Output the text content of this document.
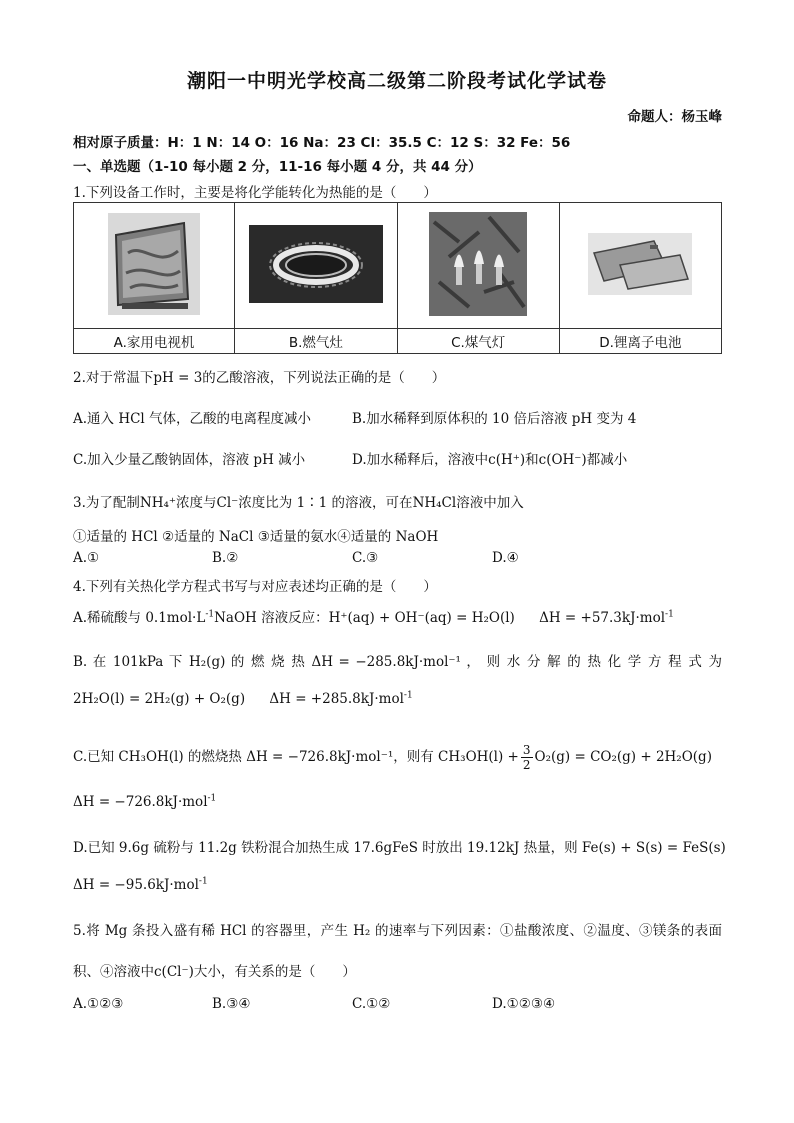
潮阳一中明光学校高二级第二阶段考试化学试卷
命题人：杨玉峰
相对原子质量：H：1 N：14 O：16 Na：23 Cl：35.5 C：12 S：32 Fe：56
一、单选题（1-10 每小题 2 分，11-16 每小题 4 分，共 44 分）
1.下列设备工作时，主要是将化学能转化为热能的是（　　）

A.家用电视机	B.燃气灶	C.煤气灯	D.锂离子电池
2.对于常温下pH = 3的乙酸溶液，下列说法正确的是（　　）
A.通入 HCl 气体，乙酸的电离程度减小	B.加水稀释到原体积的 10 倍后溶液 pH 变为 4
C.加入少量乙酸钠固体，溶液 pH 减小	D.加水稀释后，溶液中c(H⁺)和c(OH⁻)都减小
3.为了配制NH₄⁺浓度与Cl⁻浓度比为 1∶1 的溶液，可在NH₄Cl溶液中加入
①适量的 HCl ②适量的 NaCl ③适量的氨水④适量的 NaOH
A.①	B.②	C.③	D.④
4.下列有关热化学方程式书写与对应表述均正确的是（　　）
A.稀硫酸与 $0.1mol\cdot L^{-1}NaOH$ 溶液反应：H⁺(aq) + OH⁻(aq) = H₂O(l) ΔH = +57.3kJ·mol$^{-1}$
B. 在 101kPa 下 H₂(g) 的 燃 烧 热 ΔH = −285.8kJ·mol⁻¹ ， 则 水 分 解 的 热 化 学 方 程 式 为
2H₂O(l) = 2H₂(g) + O₂(g) ΔH = +285.8kJ·mol$^{-1}$
C.已知 CH₃OH(l) 的燃烧热 ΔH = −726.8kJ·mol⁻¹，则有 $CH_3OH(l) + \frac{3}{2} O_2(g) = CO_2(g) + 2H_2O(g)$
ΔH = −726.8kJ·mol$^{-1}$
D.已知 9.6g 硫粉与 11.2g 铁粉混合加热生成 17.6gFeS 时放出 19.12kJ 热量，则 Fe(s) + S(s) = FeS(s)
ΔH = −95.6kJ·mol$^{-1}$
5.将 Mg 条投入盛有稀 HCl 的容器里，产生 H₂ 的速率与下列因素：①盐酸浓度、②温度、③镁条的表面
积、④溶液中c(Cl⁻)大小，有关系的是（　　）
A.①②③	B.③④	C.①②	D.①②③④
